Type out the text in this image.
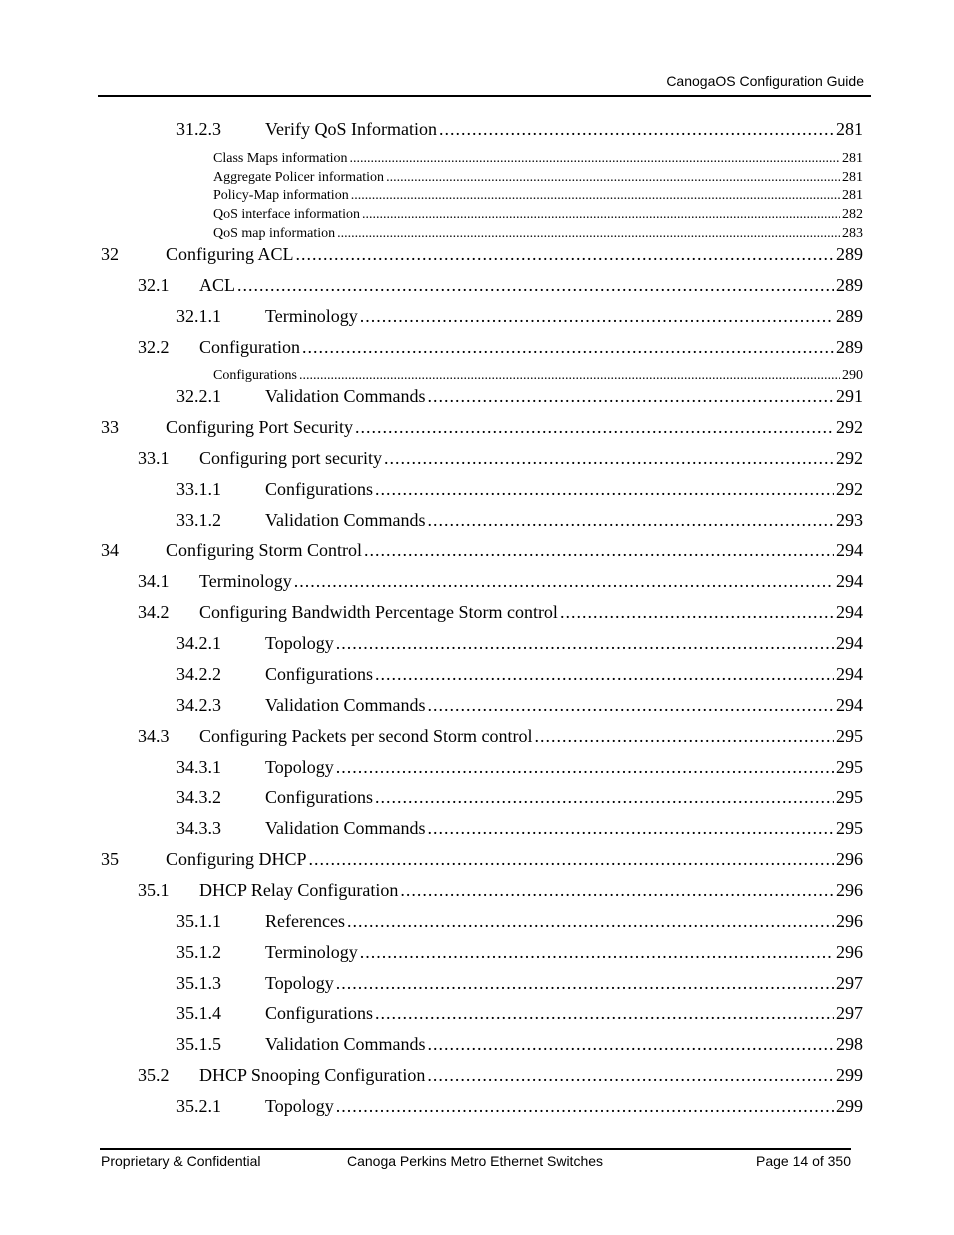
CanogaOS Configuration Guide
31.2.3	Verify QoS Information .....	281
Class Maps information .....	281
Aggregate Policer information .....	281
Policy-Map information .....	281
QoS interface information .....	282
QoS map information .....	283
32	Configuring ACL .....	289
32.1	ACL .....	289
32.1.1	Terminology .....	289
32.2	Configuration .....	289
Configurations .....	290
32.2.1	Validation Commands .....	291
33	Configuring Port Security .....	292
33.1	Configuring port security .....	292
33.1.1	Configurations .....	292
33.1.2	Validation Commands .....	293
34	Configuring Storm Control .....	294
34.1	Terminology .....	294
34.2	Configuring Bandwidth Percentage Storm control .....	294
34.2.1	Topology .....	294
34.2.2	Configurations .....	294
34.2.3	Validation Commands .....	294
34.3	Configuring Packets per second Storm control .....	295
34.3.1	Topology .....	295
34.3.2	Configurations .....	295
34.3.3	Validation Commands .....	295
35	Configuring DHCP .....	296
35.1	DHCP Relay Configuration .....	296
35.1.1	References .....	296
35.1.2	Terminology .....	296
35.1.3	Topology .....	297
35.1.4	Configurations .....	297
35.1.5	Validation Commands .....	298
35.2	DHCP Snooping Configuration .....	299
35.2.1	Topology .....	299
Proprietary & Confidential	Canoga Perkins Metro Ethernet Switches	Page 14 of 350
